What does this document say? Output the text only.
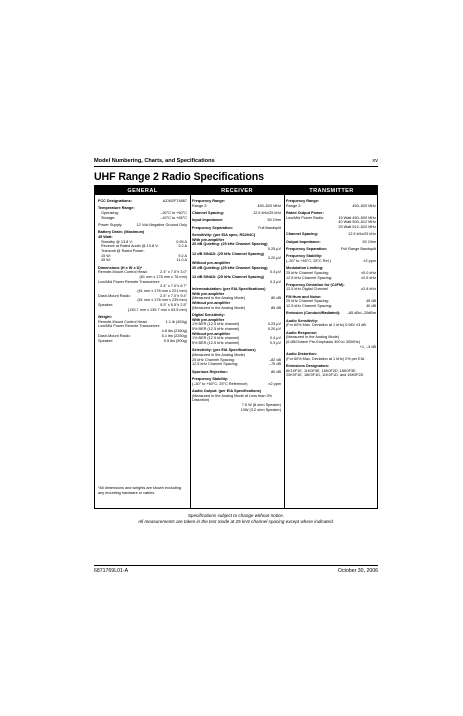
Model Numbering, Charts, and Specifications	xv
UHF Range 2 Radio Specifications
GENERAL	RECEIVER	TRANSMITTER
FCC Designations:	AZ492FT4867
Temperature Range:
Operating:	–30°C to +60°C
Storage:	–40°C to +85°C
Power Supply:	12 Vdc Negative Ground Only
Battery Drain: (Maximum)
45 Watt:
Standby @ 13.8 V:	0.95 A
Receive at Rated Audio @ 13.8 V:	3.2 A
Transmit @ Rated Power:
15 W:	9.2 A
45 W:	11.0 A
Dimensions (H x W x D)*
Remote-Mount Control Head:	2.4" x 7.0"x 3.0"
(61 mm x 178 mm x 76 mm)
Low/Mid Power Remote Transceiver:
2.4" x 7.0"x 8.7"
(61 mm x 178 mm x 221 mm)
Dash-Mount Radio:	2.4" x 7.0"x 9.4"
(61 mm x 178 mm x 239 mm)
Speaker:	5.5" x 5.5"x 2.5"
(139.7 mm x 139.7 mm x 63.5 mm)
Weight:
Remote-Mount Control Head:	1.1 lb (453g)
Low/Mid Power Remote Transceiver:
4.8 lbs (2160g)
Dash-Mount Radio:	5.1 lbs (2250g)
Speaker:	5.5 lbs (900g)
*All dimensions and weights are shown excluding
any mounting hardware or cables.
Frequency Range:
Range 2:	450–520 MHz
Channel Spacing:	12.5 kHz/25 kHz
Input Impedance:	50 Ohm
Frequency Separation:	Full Bandsplit
Sensitivity: (per EIA spec, RS204C)
With pre-amplifier
20 dB Quieting: (25 kHz Channel Spacing)
0.25 µV
12 dB SINAD: (25 kHz Channel Spacing)
0.20 µV
Without pre-amplifier
20 dB Quieting: (25 kHz Channel Spacing)
0.4 µV
12 dB SINAD: (25 kHz Channel Spacing)
0.3 µV
Intermodulation: (per EIA Specifications)
With pre-amplifier
(Measured in the Analog Mode)	80 dB
Without pre-amplifier
(Measured in the Analog Mode)	85 dB
Digital Sensitivity:
With pre-amplifier
1% BER (12.5 kHz channel)	0.25 µV
5% BER (12.5 kHz channel)	0.20 µV
Without pre-amplifier
1% BER (12.5 kHz channel)	0.4 µV
5% BER (12.5 kHz channel)	0.3 µV
Selectivity: (per EIA Specifications)
(Measured in the Analog Mode)
25 kHz Channel Spacing:	–82 dB
12.5 kHz Channel Spacing:	–75 dB
Spurious Rejection:	80 dB
Frequency Stability:
(–30° to +60°C; 25°C Reference)	±2 ppm
Audio Output: (per EIA Specifications)
(Measured in the Analog Mode at Less than 3%
Distortion)
7.5 W (8 ohm Speaker)
13W (3.2 ohm Speaker)
Frequency Range:
Range 2:	450–520 MHz
Rated Output Power:
Low/Mid Power Radio:	15 Watt 450–500 MHz
40 Watt 500–512 MHz
25 Watt 512–520 MHz
Channel Spacing:	12.5 kHz/25 kHz
Output Impedance:	50 Ohm
Frequency Separation:	Full Range Bandsplit
Frequency Stability:
(–30° to +60°C; 25°C Ref.)	±2 ppm
Modulation Limiting:
25 kHz Channel Spacing:	±5.0 kHz
12.5 kHz Channel Spacing:	±2.5 kHz
Frequency Deviation for (C4FM):
12.5 kHz Digital Channel	±2.8 kHz
FM Hum and Noise:
25 kHz Channel Spacing:	45 dB
12.5 kHz Channel Spacing:	40 dB
Emission (Conduct/Radiated): –85 dBc/–20dBm
Audio Sensitivity:
(For 60% Max. Deviation at 1 kHz) 0.08V ±3 dB
Audio Response:
(Measured in the Analog Mode)
(6 dB/Octave Pre-Emphasis 300 to 3000Hz)
+1, –3 dB
Audio Distortion:
(For 60% Max. Deviation at 1 kHz) 2% per EIA
Emissions Designators:
8K10F1E, 11K0F3E, 16K0F2D, 16K0F3E,
20K0F1E, 16K0F1D, 11K0F1D, and 16K0F2D
Specifications subject to change without notice.
All measurements are taken in the test mode at 25 kHz channel spacing except where indicated.
6871769L01-A	October 30, 2006
